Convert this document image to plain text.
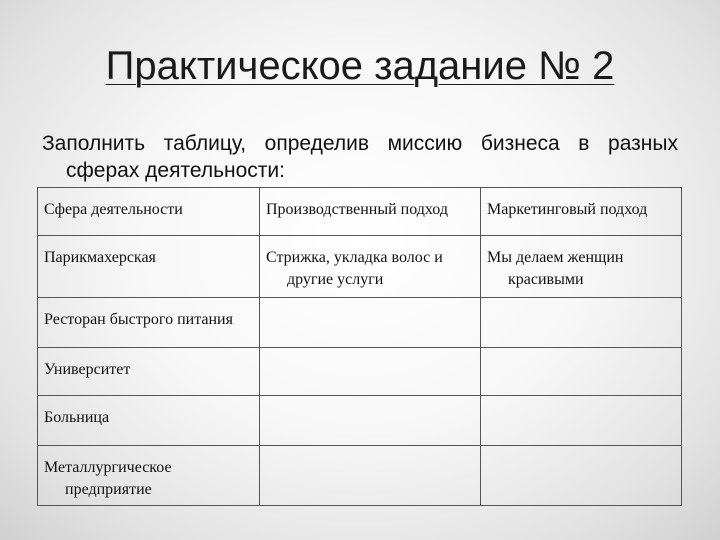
Практическое задание № 2
Заполнить таблицу, определив миссию бизнеса в разных сферах деятельности:
Сфера деятельности	Производственный подход	Маркетинговый подход
Парикмахерская	Стрижка, укладка волос и другие услуги	Мы делаем женщин красивыми
Ресторан быстрого питания		
Университет		
Больница		
Металлургическое предприятие		
